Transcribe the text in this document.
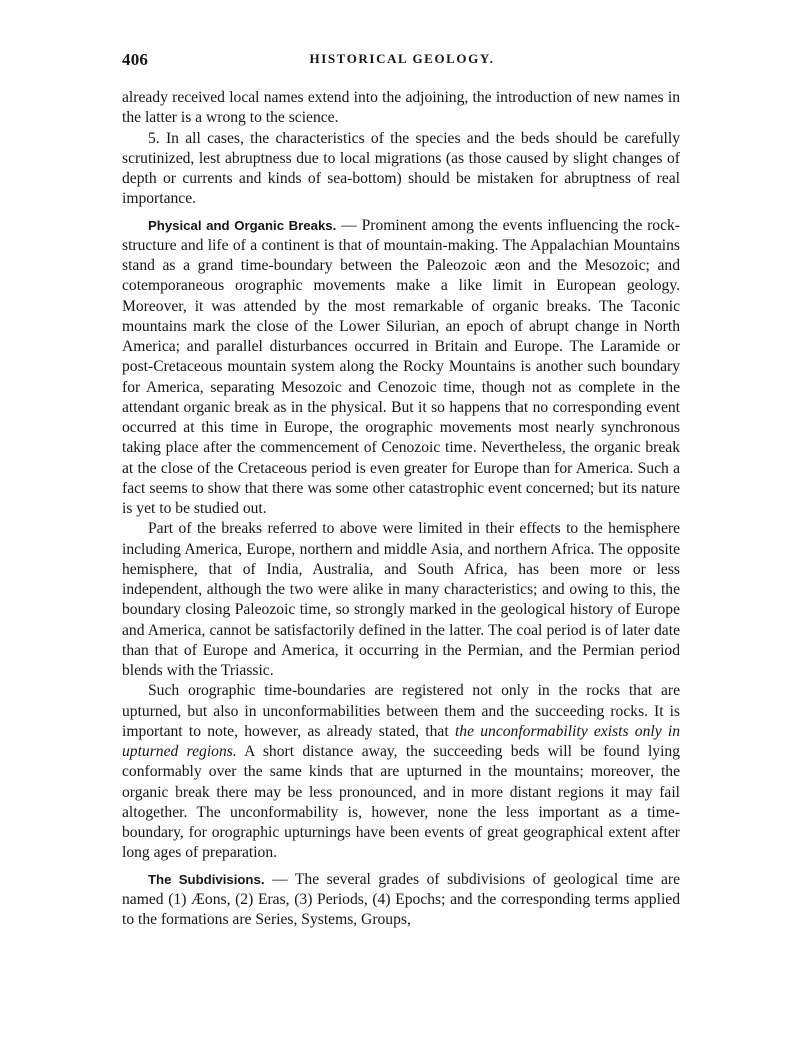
406	HISTORICAL GEOLOGY.

already received local names extend into the adjoining, the introduction of new names in the latter is a wrong to the science.

5. In all cases, the characteristics of the species and the beds should be carefully scrutinized, lest abruptness due to local migrations (as those caused by slight changes of depth or currents and kinds of sea-bottom) should be mistaken for abruptness of real importance.

Physical and Organic Breaks. — Prominent among the events influencing the rock-structure and life of a continent is that of mountain-making. The Appalachian Mountains stand as a grand time-boundary between the Paleozoic æon and the Mesozoic; and cotemporaneous orographic movements make a like limit in European geology. Moreover, it was attended by the most remarkable of organic breaks. The Taconic mountains mark the close of the Lower Silurian, an epoch of abrupt change in North America; and parallel disturbances occurred in Britain and Europe. The Laramide or post-Cretaceous mountain system along the Rocky Mountains is another such boundary for America, separating Mesozoic and Cenozoic time, though not as complete in the attendant organic break as in the physical. But it so happens that no corresponding event occurred at this time in Europe, the orographic movements most nearly synchronous taking place after the commencement of Cenozoic time. Nevertheless, the organic break at the close of the Cretaceous period is even greater for Europe than for America. Such a fact seems to show that there was some other catastrophic event concerned; but its nature is yet to be studied out.

Part of the breaks referred to above were limited in their effects to the hemisphere including America, Europe, northern and middle Asia, and northern Africa. The opposite hemisphere, that of India, Australia, and South Africa, has been more or less independent, although the two were alike in many characteristics; and owing to this, the boundary closing Paleozoic time, so strongly marked in the geological history of Europe and America, cannot be satisfactorily defined in the latter. The coal period is of later date than that of Europe and America, it occurring in the Permian, and the Permian period blends with the Triassic.

Such orographic time-boundaries are registered not only in the rocks that are upturned, but also in unconformabilities between them and the succeeding rocks. It is important to note, however, as already stated, that the unconformability exists only in upturned regions. A short distance away, the succeeding beds will be found lying conformably over the same kinds that are upturned in the mountains; moreover, the organic break there may be less pronounced, and in more distant regions it may fail altogether. The unconformability is, however, none the less important as a time-boundary, for orographic upturnings have been events of great geographical extent after long ages of preparation.

The Subdivisions. — The several grades of subdivisions of geological time are named (1) Æons, (2) Eras, (3) Periods, (4) Epochs; and the corresponding terms applied to the formations are Series, Systems, Groups,
